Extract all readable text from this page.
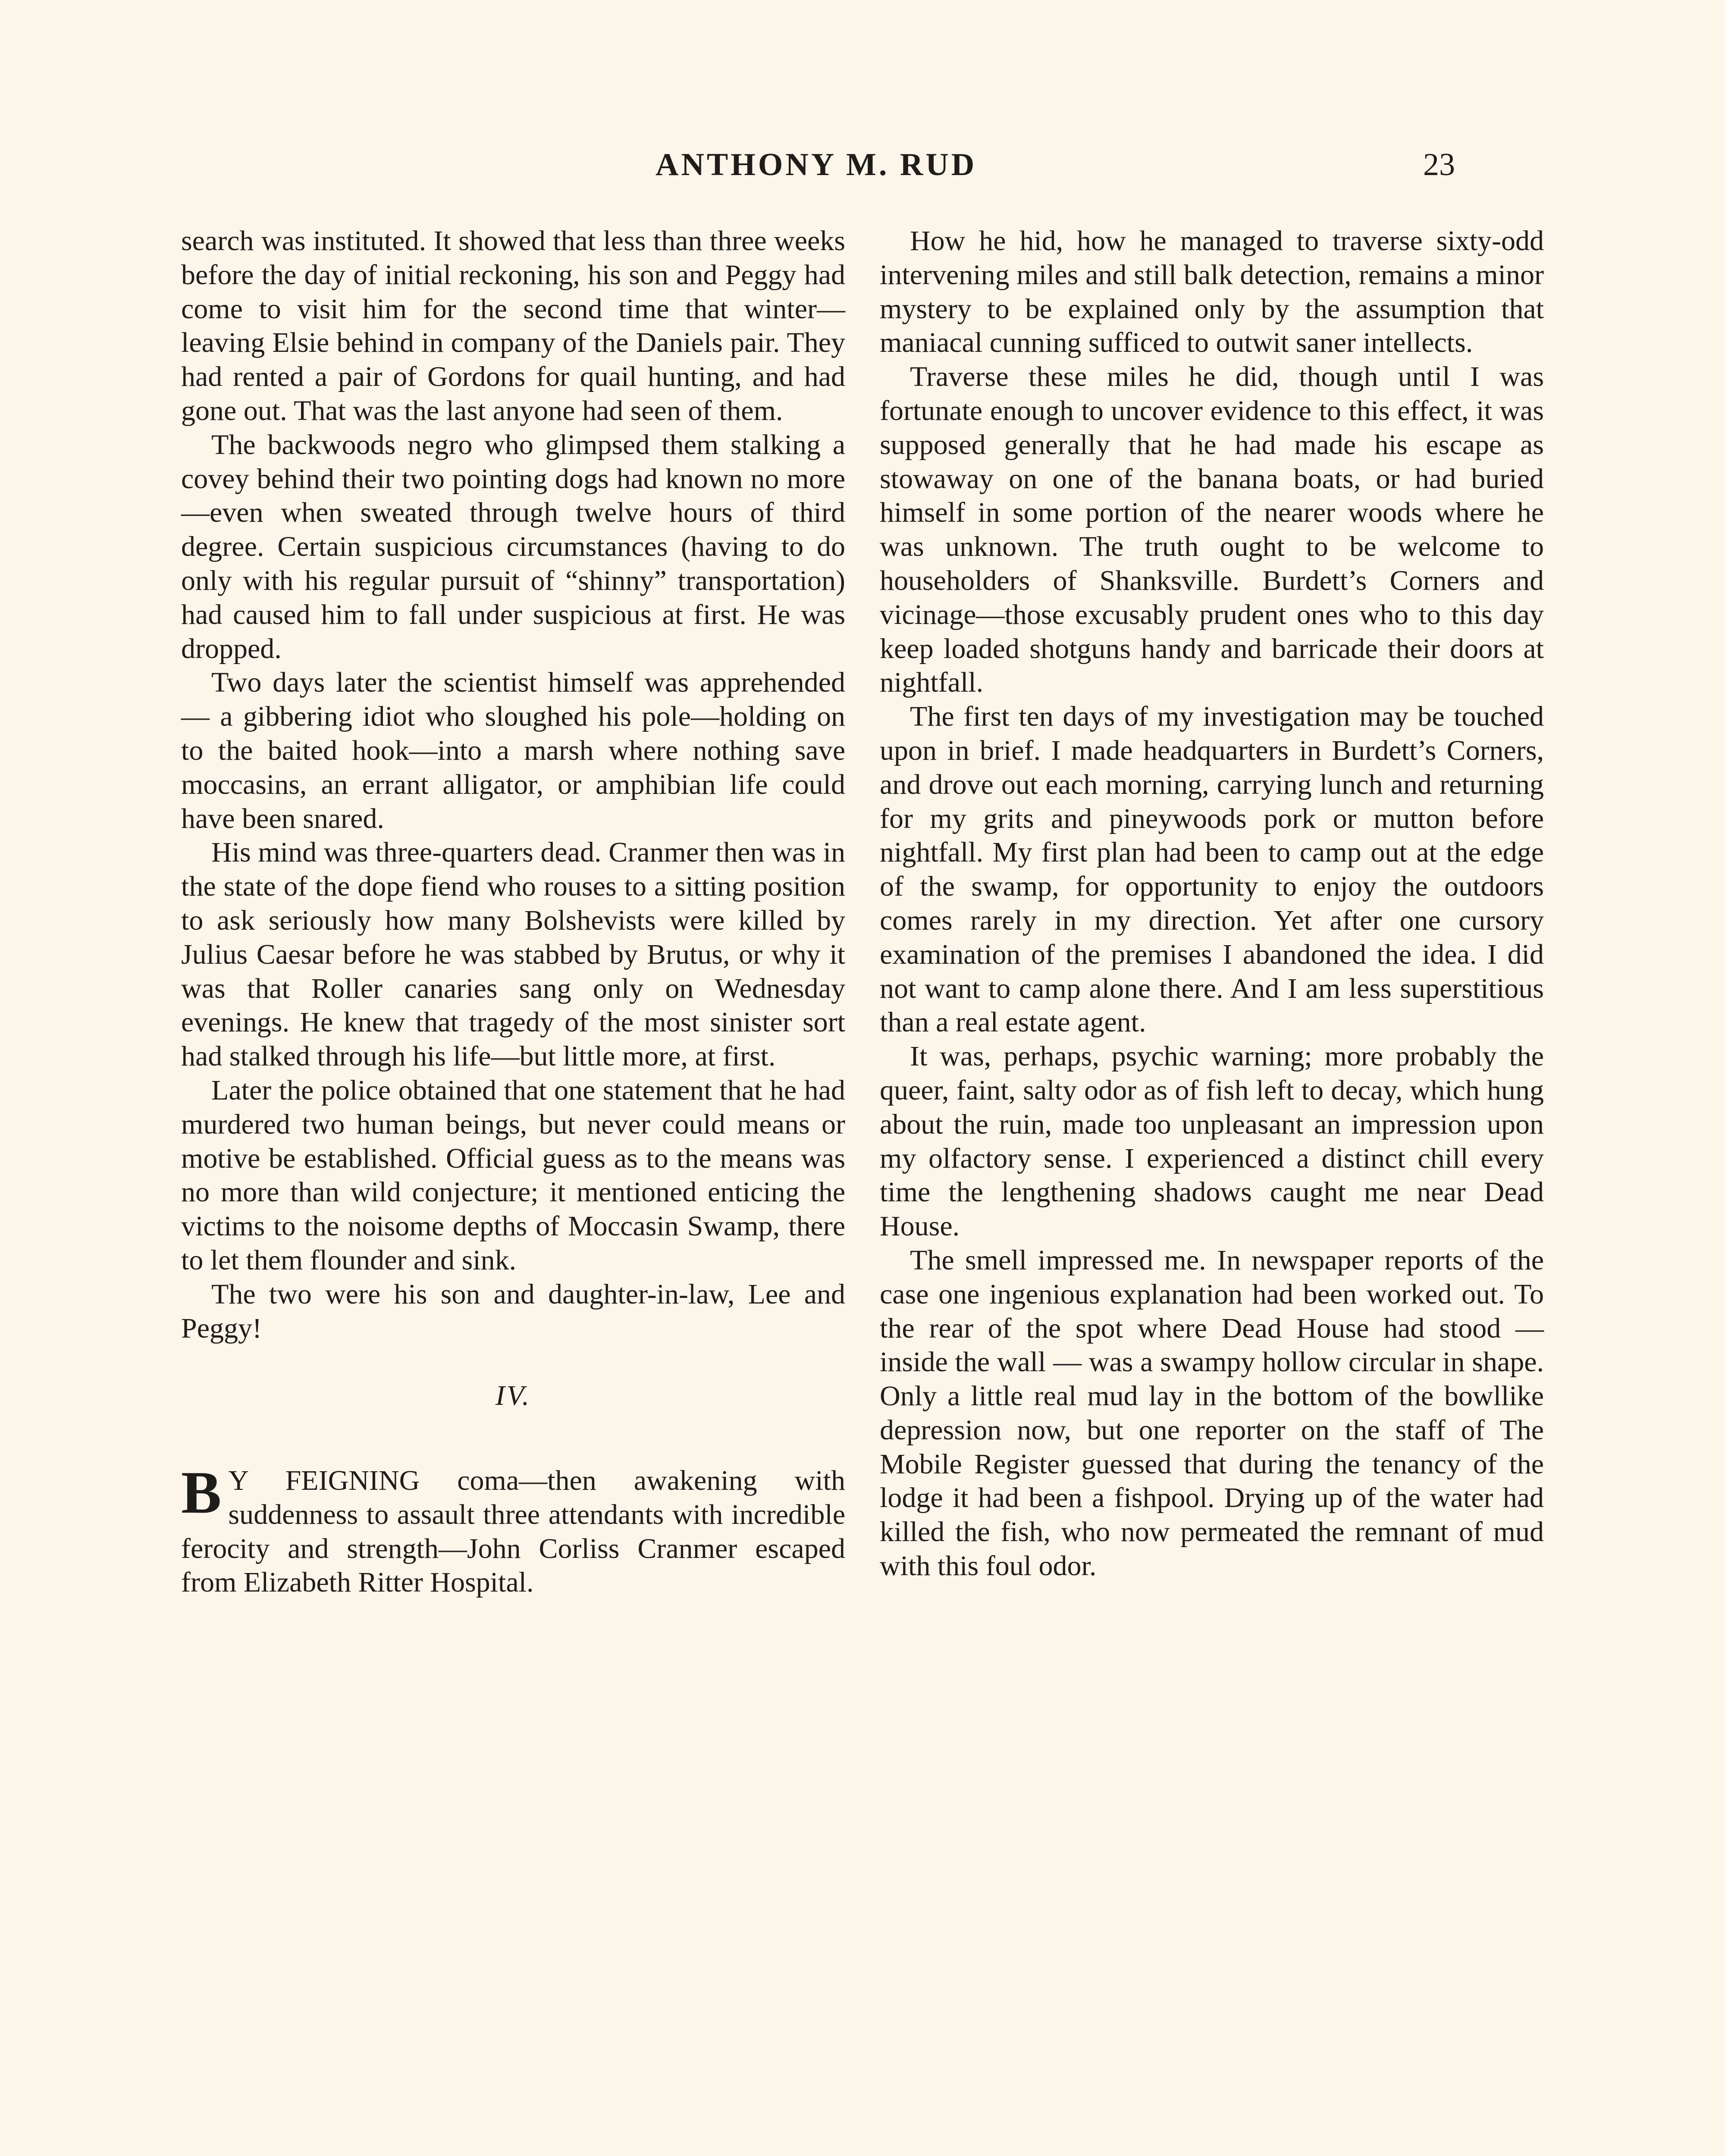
ANTHONY M. RUD	23

search was instituted. It showed that less than three weeks before the day of initial reckoning, his son and Peggy had come to visit him for the second time that winter—leaving Elsie behind in company of the Daniels pair. They had rented a pair of Gordons for quail hunting, and had gone out. That was the last anyone had seen of them.

The backwoods negro who glimpsed them stalking a covey behind their two pointing dogs had known no more—even when sweated through twelve hours of third degree. Certain suspicious circumstances (having to do only with his regular pursuit of “shinny” transportation) had caused him to fall under suspicious at first. He was dropped.

Two days later the scientist himself was apprehended — a gibbering idiot who sloughed his pole—holding on to the baited hook—into a marsh where nothing save moccasins, an errant alligator, or amphibian life could have been snared.

His mind was three-quarters dead. Cranmer then was in the state of the dope fiend who rouses to a sitting position to ask seriously how many Bolshevists were killed by Julius Caesar before he was stabbed by Brutus, or why it was that Roller canaries sang only on Wednesday evenings. He knew that tragedy of the most sinister sort had stalked through his life—but little more, at first.

Later the police obtained that one statement that he had murdered two human beings, but never could means or motive be established. Official guess as to the means was no more than wild conjecture; it mentioned enticing the victims to the noisome depths of Moccasin Swamp, there to let them flounder and sink.

The two were his son and daughter-in-law, Lee and Peggy!

IV.

B Y FEIGNING coma—then awakening with suddenness to assault three attendants with incredible ferocity and strength—John Corliss Cranmer escaped from Elizabeth Ritter Hospital.

How he hid, how he managed to traverse sixty-odd intervening miles and still balk detection, remains a minor mystery to be explained only by the assumption that maniacal cunning sufficed to outwit saner intellects.

Traverse these miles he did, though until I was fortunate enough to uncover evidence to this effect, it was supposed generally that he had made his escape as stowaway on one of the banana boats, or had buried himself in some portion of the nearer woods where he was unknown. The truth ought to be welcome to householders of Shanksville. Burdett’s Corners and vicinage—those excusably prudent ones who to this day keep loaded shotguns handy and barricade their doors at nightfall.

The first ten days of my investigation may be touched upon in brief. I made headquarters in Burdett’s Corners, and drove out each morning, carrying lunch and returning for my grits and pineywoods pork or mutton before nightfall. My first plan had been to camp out at the edge of the swamp, for opportunity to enjoy the outdoors comes rarely in my direction. Yet after one cursory examination of the premises I abandoned the idea. I did not want to camp alone there. And I am less superstitious than a real estate agent.

It was, perhaps, psychic warning; more probably the queer, faint, salty odor as of fish left to decay, which hung about the ruin, made too unpleasant an impression upon my olfactory sense. I experienced a distinct chill every time the lengthening shadows caught me near Dead House.

The smell impressed me. In newspaper reports of the case one ingenious explanation had been worked out. To the rear of the spot where Dead House had stood — inside the wall — was a swampy hollow circular in shape. Only a little real mud lay in the bottom of the bowllike depression now, but one reporter on the staff of The Mobile Register guessed that during the tenancy of the lodge it had been a fishpool. Drying up of the water had killed the fish, who now permeated the remnant of mud with this foul odor.
